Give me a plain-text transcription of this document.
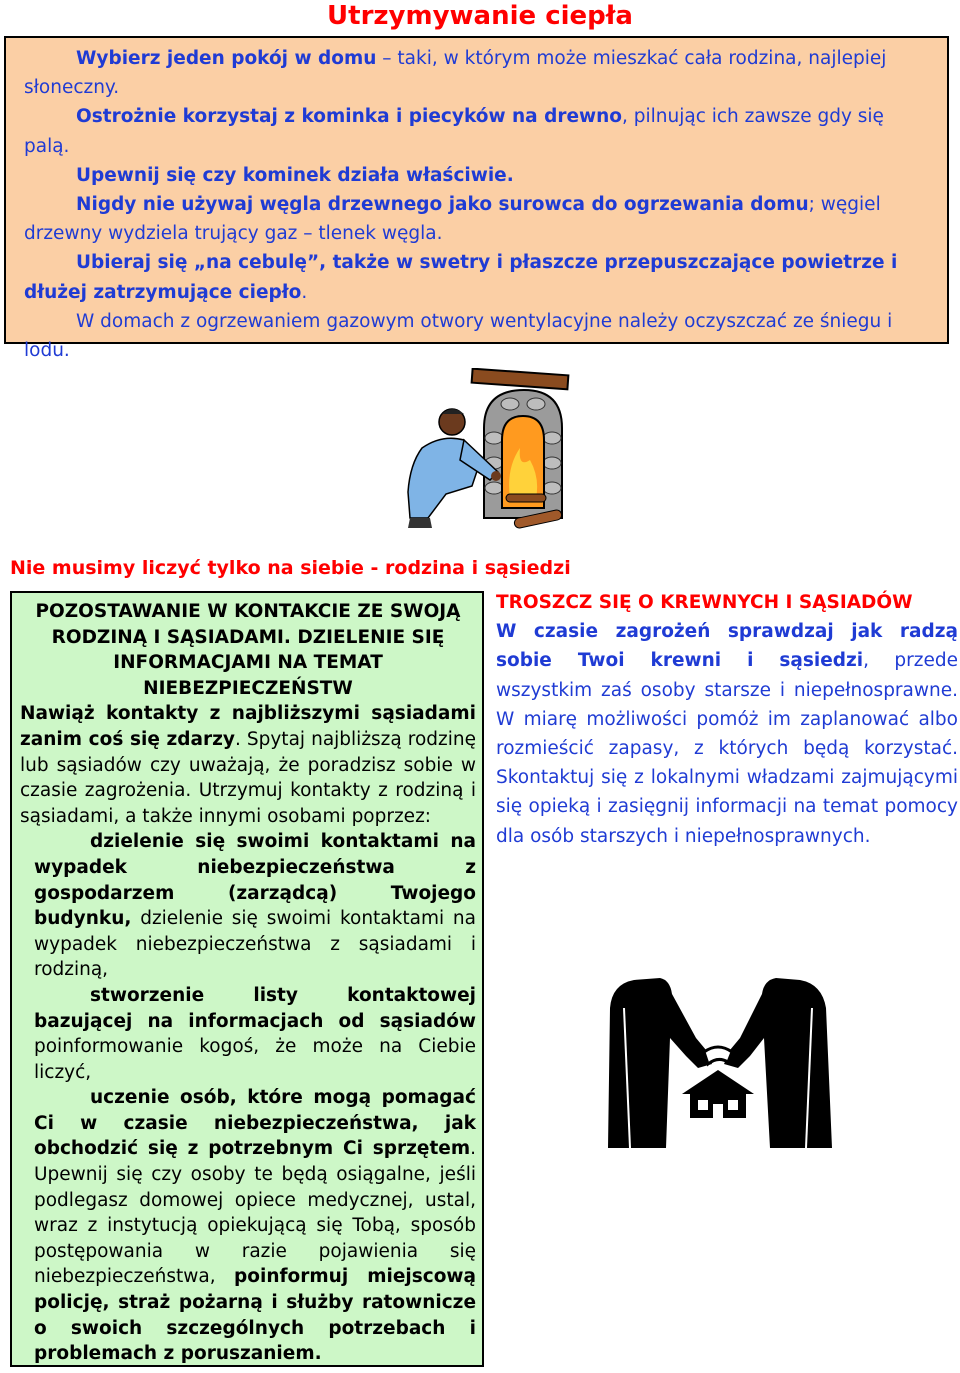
Utrzymywanie ciepła

Wybierz jeden pokój w domu – taki, w którym może mieszkać cała rodzina, najlepiej słoneczny.

Ostrożnie korzystaj z kominka i piecyków na drewno, pilnując ich zawsze gdy się palą.

Upewnij się czy kominek działa właściwie.

Nigdy nie używaj węgla drzewnego jako surowca do ogrzewania domu; węgiel drzewny wydziela trujący gaz – tlenek węgla.

Ubieraj się „na cebulę”, także w swetry i płaszcze przepuszczające powietrze i dłużej zatrzymujące ciepło.

W domach z ogrzewaniem gazowym otwory wentylacyjne należy oczyszczać ze śniegu i lodu.

Nie musimy liczyć tylko na siebie - rodzina i sąsiedzi

POZOSTAWANIE W KONTAKCIE ZE SWOJĄ RODZINĄ I SĄSIADAMI. DZIELENIE SIĘ INFORMACJAMI NA TEMAT NIEBEZPIECZEŃSTW

Nawiąż kontakty z najbliższymi sąsiadami zanim coś się zdarzy. Spytaj najbliższą rodzinę lub sąsiadów czy uważają, że poradzisz sobie w czasie zagrożenia. Utrzymuj kontakty z rodziną i sąsiadami, a także innymi osobami poprzez:

dzielenie się swoimi kontaktami na wypadek niebezpieczeństwa z gospodarzem (zarządcą) Twojego budynku, dzielenie się swoimi kontaktami na wypadek niebezpieczeństwa z sąsiadami i rodziną,

stworzenie listy kontaktowej bazującej na informacjach od sąsiadów poinformowanie kogoś, że może na Ciebie liczyć,

uczenie osób, które mogą pomagać Ci w czasie niebezpieczeństwa, jak obchodzić się z potrzebnym Ci sprzętem. Upewnij się czy osoby te będą osiągalne, jeśli podlegasz domowej opiece medycznej, ustal, wraz z instytucją opiekującą się Tobą, sposób postępowania w razie pojawienia się niebezpieczeństwa, poinformuj miejscową policję, straż pożarną i służby ratownicze o swoich szczególnych potrzebach i problemach z poruszaniem.

TROSZCZ SIĘ O KREWNYCH I SĄSIADÓW

W czasie zagrożeń sprawdzaj jak radzą sobie Twoi krewni i sąsiedzi, przede wszystkim zaś osoby starsze i niepełnosprawne. W miarę możliwości pomóż im zaplanować albo rozmieścić zapasy, z których będą korzystać. Skontaktuj się z lokalnymi władzami zajmującymi się opieką i zasięgnij informacji na temat pomocy dla osób starszych i niepełnosprawnych.
